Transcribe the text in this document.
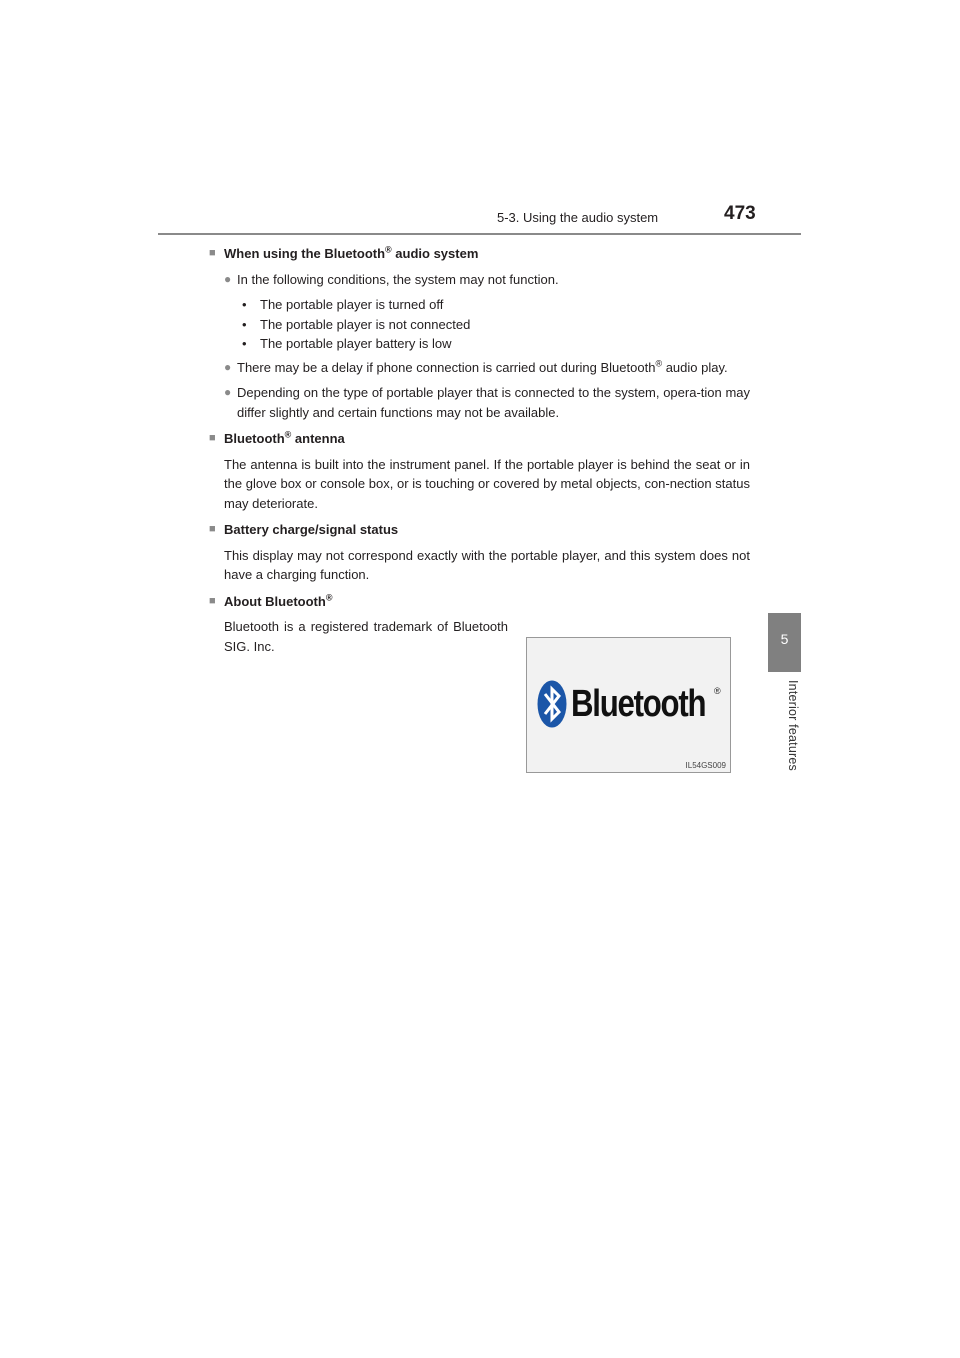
5-3. Using the audio system	473
5
Interior features
■ When using the Bluetooth® audio system
● In the following conditions, the system may not function.
•	The portable player is turned off
•	The portable player is not connected
•	The portable player battery is low
● There may be a delay if phone connection is carried out during Bluetooth® audio play.
● Depending on the type of portable player that is connected to the system, opera-tion may differ slightly and certain functions may not be available.
■ Bluetooth® antenna
The antenna is built into the instrument panel. If the portable player is behind the seat or in the glove box or console box, or is touching or covered by metal objects, con-nection status may deteriorate.
■ Battery charge/signal status
This display may not correspond exactly with the portable player, and this system does not have a charging function.
■ About Bluetooth®
Bluetooth is a registered trademark of Bluetooth SIG. Inc.
Bluetooth ®
IL54GS009
